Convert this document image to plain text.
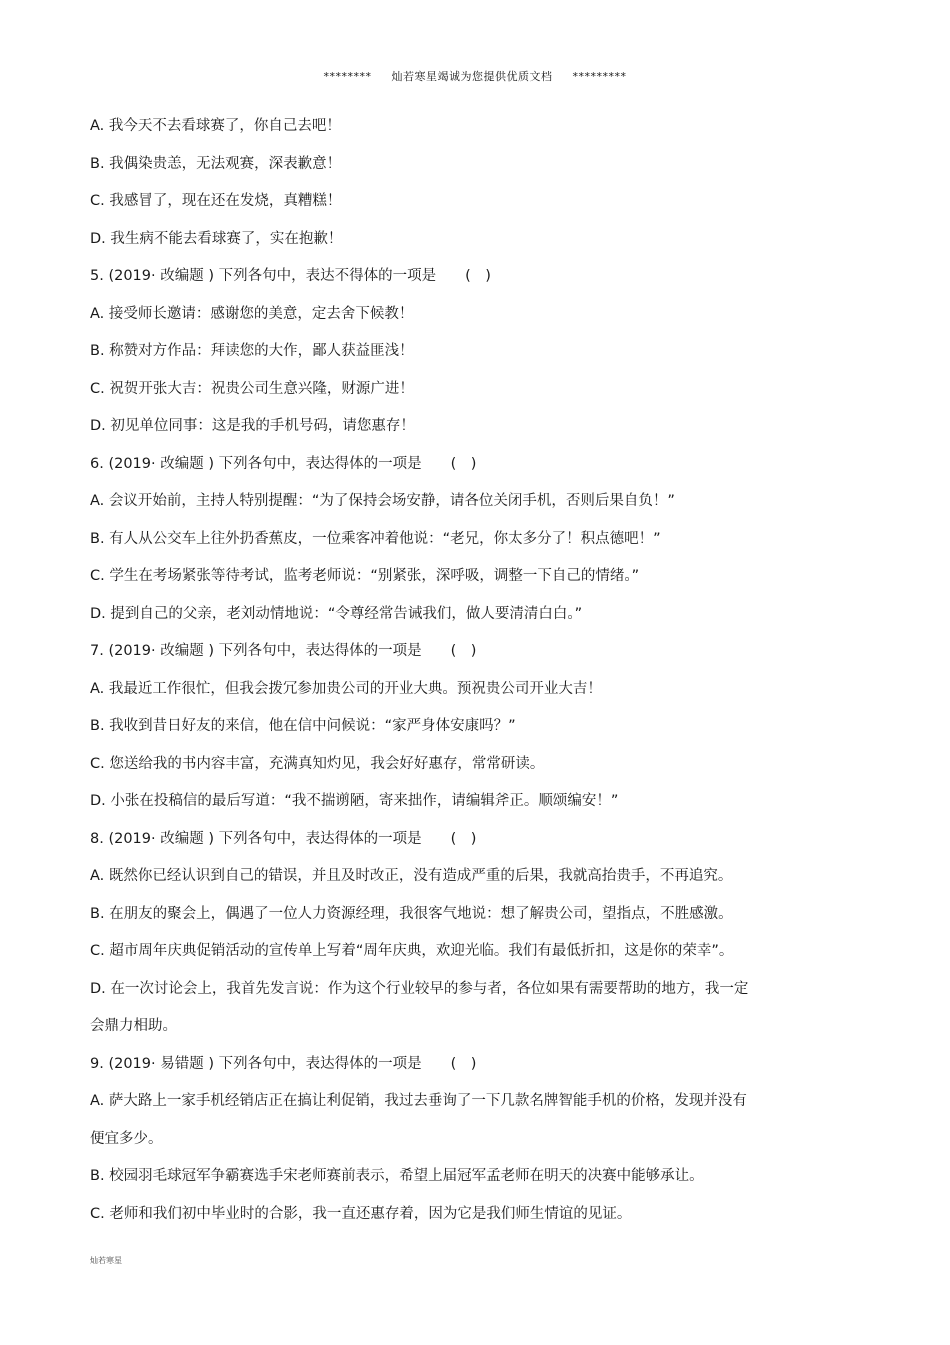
******** 灿若寒星竭诚为您提供优质文档 *********
A. 我今天不去看球赛了，你自己去吧！
B. 我偶染贵恙，无法观赛，深表歉意！
C. 我感冒了，现在还在发烧，真糟糕！
D. 我生病不能去看球赛了，实在抱歉！
5. (2019· 改编题 ) 下列各句中，表达不得体的一项是　　(　)
A. 接受师长邀请：感谢您的美意，定去舍下候教！
B. 称赞对方作品：拜读您的大作，鄙人获益匪浅！
C. 祝贺开张大吉：祝贵公司生意兴隆，财源广进！
D. 初见单位同事：这是我的手机号码，请您惠存！
6. (2019· 改编题 ) 下列各句中，表达得体的一项是　　(　)
A. 会议开始前，主持人特别提醒：“为了保持会场安静，请各位关闭手机，否则后果自负！”
B. 有人从公交车上往外扔香蕉皮，一位乘客冲着他说：“老兄，你太多分了！积点德吧！”
C. 学生在考场紧张等待考试，监考老师说：“别紧张，深呼吸，调整一下自己的情绪。”
D. 提到自己的父亲，老刘动情地说：“令尊经常告诫我们，做人要清清白白。”
7. (2019· 改编题 ) 下列各句中，表达得体的一项是　　(　)
A. 我最近工作很忙，但我会拨冗参加贵公司的开业大典。预祝贵公司开业大吉！
B. 我收到昔日好友的来信，他在信中问候说：“家严身体安康吗？”
C. 您送给我的书内容丰富，充满真知灼见，我会好好惠存，常常研读。
D. 小张在投稿信的最后写道：“我不揣谫陋，寄来拙作，请编辑斧正。顺颂编安！”
8. (2019· 改编题 ) 下列各句中，表达得体的一项是　　(　)
A. 既然你已经认识到自己的错误，并且及时改正，没有造成严重的后果，我就高抬贵手，不再追究。
B. 在朋友的聚会上，偶遇了一位人力资源经理，我很客气地说：想了解贵公司，望指点，不胜感激。
C. 超市周年庆典促销活动的宣传单上写着“周年庆典，欢迎光临。我们有最低折扣，这是你的荣幸”。
D. 在一次讨论会上，我首先发言说：作为这个行业较早的参与者，各位如果有需要帮助的地方，我一定
会鼎力相助。
9. (2019· 易错题 ) 下列各句中，表达得体的一项是　　(　)
A. 萨大路上一家手机经销店正在搞让利促销，我过去垂询了一下几款名牌智能手机的价格，发现并没有
便宜多少。
B. 校园羽毛球冠军争霸赛选手宋老师赛前表示，希望上届冠军孟老师在明天的决赛中能够承让。
C. 老师和我们初中毕业时的合影，我一直还惠存着，因为它是我们师生情谊的见证。
灿若寒星
